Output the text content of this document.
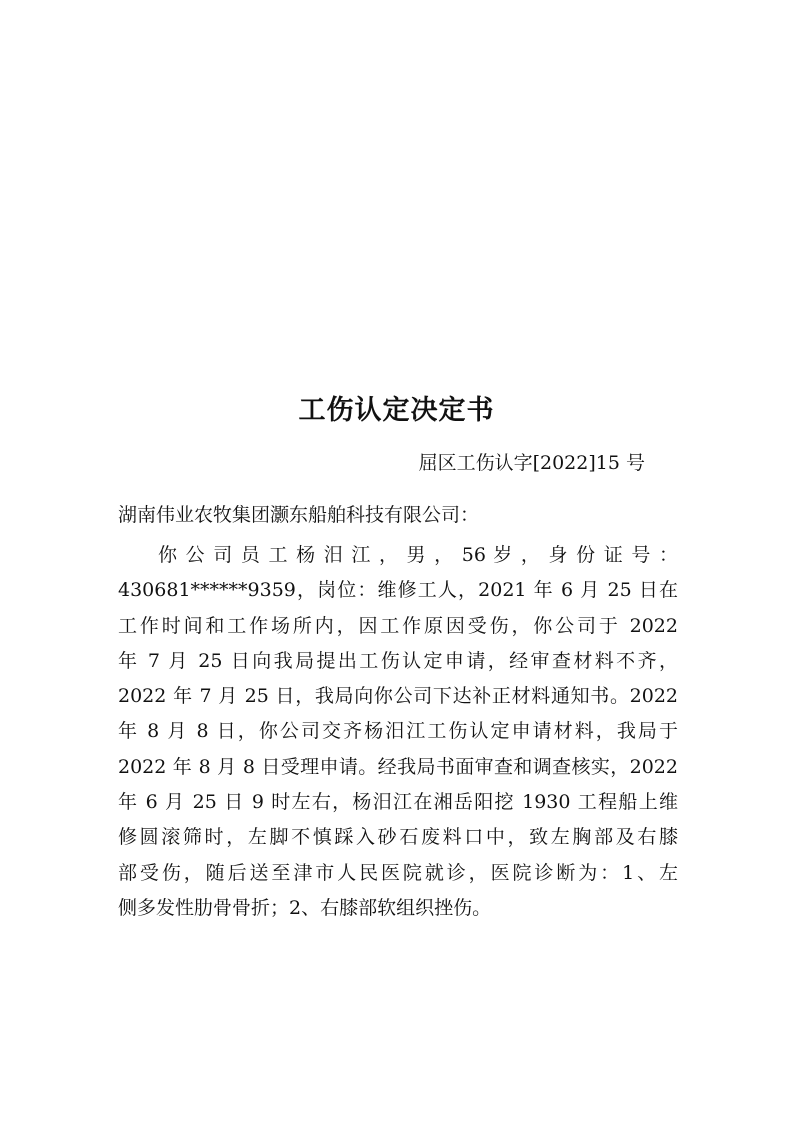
工伤认定决定书
屈区工伤认字[2022]15 号
湖南伟业农牧集团灏东船舶科技有限公司：
你 公 司 员 工 杨 汨 江 ， 男 ， 56 岁 ， 身 份 证 号 ：
430681******9359，岗位：维修工人，2021 年 6 月 25 日在
工作时间和工作场所内，因工作原因受伤，你公司于 2022
年 7 月 25 日向我局提出工伤认定申请，经审查材料不齐，
2022 年 7 月 25 日，我局向你公司下达补正材料通知书。2022
年 8 月 8 日，你公司交齐杨汨江工伤认定申请材料，我局于
2022 年 8 月 8 日受理申请。经我局书面审查和调查核实，2022
年 6 月 25 日 9 时左右，杨汨江在湘岳阳挖 1930 工程船上维
修圆滚筛时，左脚不慎踩入砂石废料口中，致左胸部及右膝
部受伤，随后送至津市人民医院就诊，医院诊断为：1、左
侧多发性肋骨骨折；2、右膝部软组织挫伤。
